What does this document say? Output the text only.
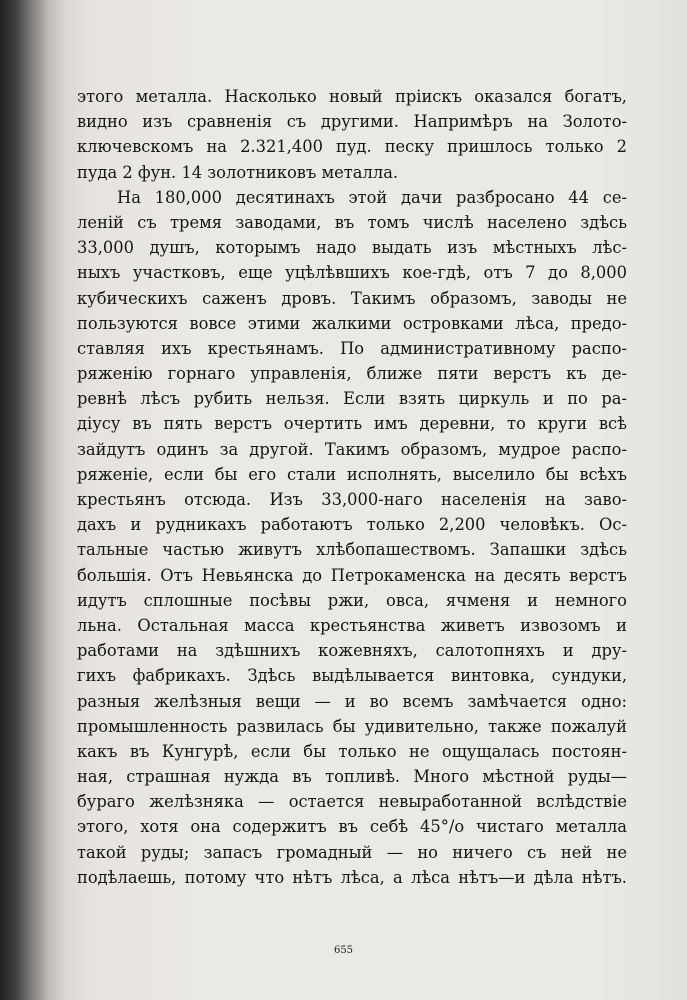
этого металла. Насколько новый пріискъ оказался богатъ,
видно изъ сравненія съ другими. Напримѣръ на Золото-
ключевскомъ на 2.321,400 пуд. песку пришлось только 2
пуда 2 фун. 14 золотниковъ металла.
На 180,000 десятинахъ этой дачи разбросано 44 се-
леній съ тремя заводами, въ томъ числѣ населено здѣсь
33,000 душъ, которымъ надо выдать изъ мѣстныхъ лѣс-
ныхъ участковъ, еще уцѣлѣвшихъ кое-гдѣ, отъ 7 до 8,000
кубическихъ саженъ дровъ. Такимъ образомъ, заводы не
пользуются вовсе этими жалкими островками лѣса, предо-
ставляя ихъ крестьянамъ. По административному распо-
ряженію горнаго управленія, ближе пяти верстъ къ де-
ревнѣ лѣсъ рубить нельзя. Если взять циркуль и по ра-
діусу въ пять верстъ очертить имъ деревни, то круги всѣ
зайдутъ одинъ за другой. Такимъ образомъ, мудрое распо-
ряженіе, если бы его стали исполнять, выселило бы всѣхъ
крестьянъ отсюда. Изъ 33,000-наго населенія на заво-
дахъ и рудникахъ работаютъ только 2,200 человѣкъ. Ос-
тальные частью живутъ хлѣбопашествомъ. Запашки здѣсь
большія. Отъ Невьянска до Петрокаменска на десять верстъ
идутъ сплошные посѣвы ржи, овса, ячменя и немного
льна. Остальная масса крестьянства живетъ извозомъ и
работами на здѣшнихъ кожевняхъ, салотопняхъ и дру-
гихъ фабрикахъ. Здѣсь выдѣлывается винтовка, сундуки,
разныя желѣзныя вещи — и во всемъ замѣчается одно:
промышленность развилась бы удивительно, также пожалуй
какъ въ Кунгурѣ, если бы только не ощущалась постоян-
ная, страшная нужда въ топливѣ. Много мѣстной руды—
бураго желѣзняка — остается невыработанной вслѣдствіе
этого, хотя она содержитъ въ себѣ 45°/о чистаго металла
такой руды; запасъ громадный — но ничего съ ней не
подѣлаешь, потому что нѣтъ лѣса, а лѣса нѣтъ—и дѣла нѣтъ.
655
